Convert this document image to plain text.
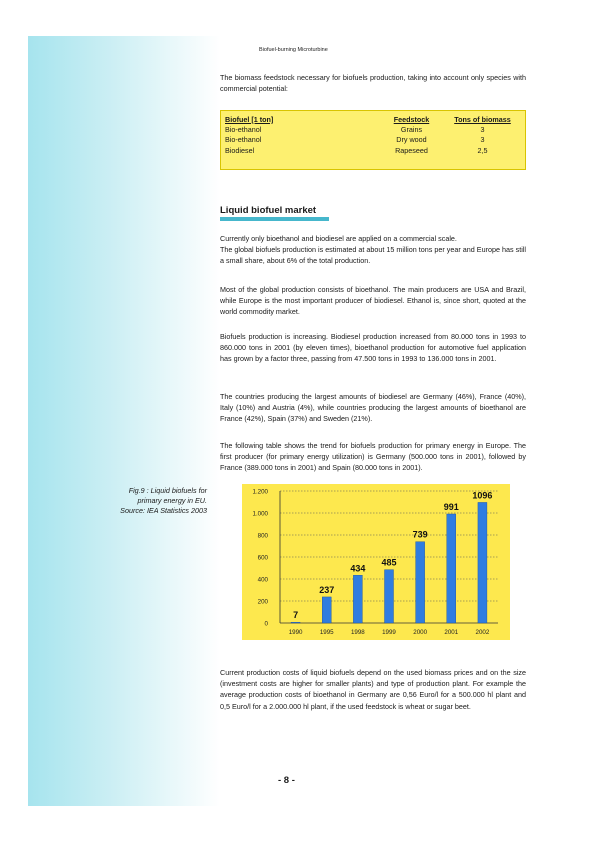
Biofuel-burning Microturbine

The biomass feedstock necessary for biofuels production, taking into account only species with commercial potential:

Biofuel [1 ton]	Feedstock	Tons of biomass
Bio-ethanol	Grains	3
Bio-ethanol	Dry wood	3
Biodiesel	Rapeseed	2,5
Liquid biofuel market

Currently only bioethanol and biodiesel are applied on a commercial scale.
The global biofuels production is estimated at about 15 million tons per year and Europe has still a small share, about 6% of the total production.

Most of the global production consists of bioethanol. The main producers are USA and Brazil, while Europe is the most important producer of biodiesel. Ethanol is, since short, quoted at the world commodity market.

Biofuels production is increasing. Biodiesel production increased from 80.000 tons in 1993 to 860.000 tons in 2001 (by eleven times), bioethanol production for automotive fuel application has grown by a factor three, passing from 47.500 tons in 1993 to 136.000 tons in 2001.

The countries producing the largest amounts of biodiesel are Germany (46%), France (40%), Italy (10%) and Austria (4%), while countries producing the largest amounts of bioethanol are France (42%), Spain (37%) and Sweden (21%).

The following table shows the trend for biofuels production for primary energy in Europe. The first producer (for primary energy utilization) is Germany (500.000 tons in 2001), followed by France (389.000 tons in 2001) and Spain (80.000 tons in 2001).

Fig.9 : Liquid biofuels for
primary energy in EU.
Source: IEA Statistics 2003
0
200
400
600
800
1.000
1.200
7
1990
237
1995
434
1998
485
1999
739
2000
991
2001
1096
2002

Current production costs of liquid biofuels depend on the used biomass prices and on the size (investment costs are higher for smaller plants) and type of production plant. For example the average production costs of bioethanol in Germany are 0,56 Euro/l for a 500.000 hl plant and 0,5 Euro/l for a 2.000.000 hl plant, if the used feedstock is wheat or sugar beet.

- 8 -
